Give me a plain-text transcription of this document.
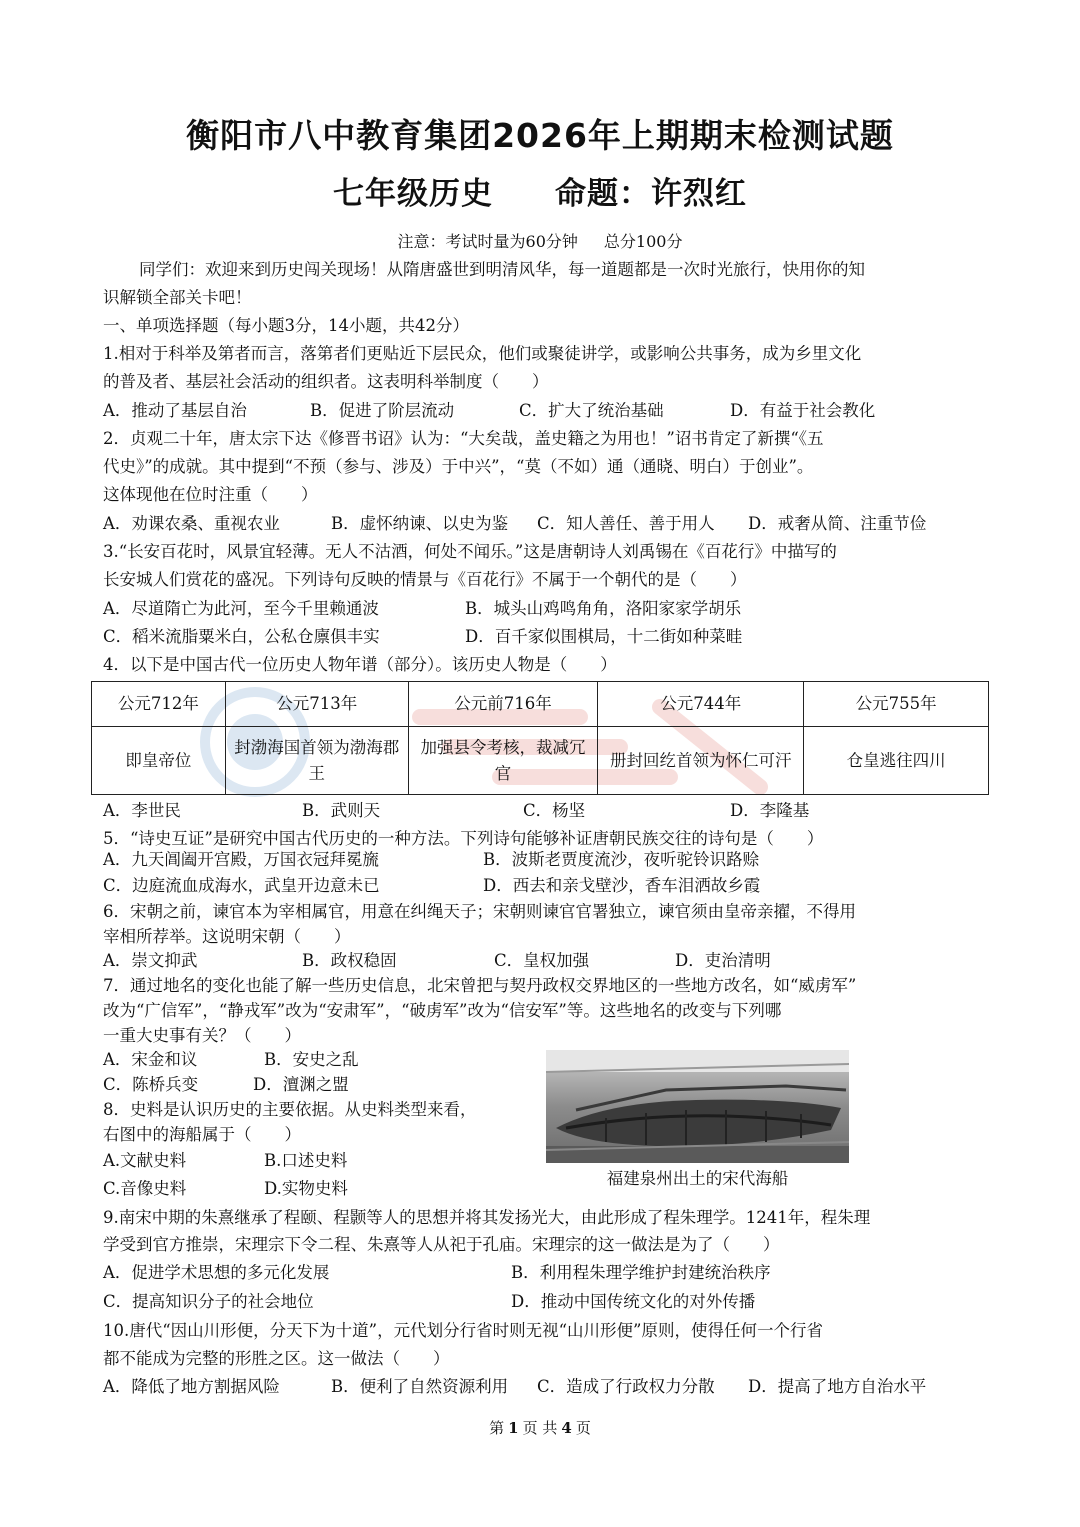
衡阳市八中教育集团2026年上期期末检测试题
七年级历史 命题：许烈红
注意：考试时量为60分钟 总分100分
同学们：欢迎来到历史闯关现场！从隋唐盛世到明清风华，每一道题都是一次时光旅行，快用你的知
识解锁全部关卡吧！
一、单项选择题（每小题3分，14小题，共42分）
1.相对于科举及第者而言，落第者们更贴近下层民众，他们或聚徒讲学，或影响公共事务，成为乡里文化
的普及者、基层社会活动的组织者。这表明科举制度（　　）
A．推动了基层自治	B．促进了阶层流动	C．扩大了统治基础	D．有益于社会教化
2．贞观二十年，唐太宗下达《修晋书诏》认为：“大矣哉，盖史籍之为用也！”诏书肯定了新撰“《五
代史》”的成就。其中提到“不预（参与、涉及）于中兴”，“莫（不如）通（通晓、明白）于创业”。
这体现他在位时注重（　　）
A．劝课农桑、重视农业	B．虚怀纳谏、以史为鉴 C．知人善任、善于用人 D．戒奢从简、注重节俭
3.“长安百花时，风景宜轻薄。无人不沽酒，何处不闻乐。”这是唐朝诗人刘禹锡在《百花行》中描写的
长安城人们赏花的盛况。下列诗句反映的情景与《百花行》不属于一个朝代的是（　　）
A．尽道隋亡为此河，至今千里赖通波	B．城头山鸡鸣角角，洛阳家家学胡乐
C．稻米流脂粟米白，公私仓廪俱丰实	D．百千家似围棋局，十二街如种菜畦
4．以下是中国古代一位历史人物年谱（部分）。该历史人物是（　　）
公元712年	公元713年	公元前716年	公元744年	公元755年
即皇帝位	封渤海国首领为渤海郡王	加强县令考核，裁减冗官	册封回纥首领为怀仁可汗	仓皇逃往四川
A．李世民	B．武则天	C．杨坚	D．李隆基
5．“诗史互证”是研究中国古代历史的一种方法。下列诗句能够补证唐朝民族交往的诗句是（　　）
A．九天阊阖开宫殿，万国衣冠拜冕旒	B．波斯老贾度流沙，夜听驼铃识路赊
C．边庭流血成海水，武皇开边意未已	D．西去和亲戈壁沙，香车泪洒故乡霞
6．宋朝之前，谏官本为宰相属官，用意在纠绳天子；宋朝则谏官官署独立，谏官须由皇帝亲擢，不得用
宰相所荐举。这说明宋朝（　　）
A．崇文抑武	B．政权稳固	C．皇权加强	D．吏治清明
7．通过地名的变化也能了解一些历史信息，北宋曾把与契丹政权交界地区的一些地方改名，如“威虏军”
改为“广信军”，“静戎军”改为“安肃军”，“破虏军”改为“信安军”等。这些地名的改变与下列哪
一重大史事有关？（　　）
A．宋金和议	B．安史之乱
C．陈桥兵变	D．澶渊之盟
8．史料是认识历史的主要依据。从史料类型来看，
右图中的海船属于（　　）
A.文献史料	B.口述史料
C.音像史料	D.实物史料
福建泉州出土的宋代海船
9.南宋中期的朱熹继承了程颐、程颢等人的思想并将其发扬光大，由此形成了程朱理学。1241年，程朱理
学受到官方推崇，宋理宗下令二程、朱熹等人从祀于孔庙。宋理宗的这一做法是为了（　　）
A．促进学术思想的多元化发展	B．利用程朱理学维护封建统治秩序
C．提高知识分子的社会地位	D．推动中国传统文化的对外传播
10.唐代“因山川形便，分天下为十道”，元代划分行省时则无视“山川形便”原则，使得任何一个行省
都不能成为完整的形胜之区。这一做法（　　）
A．降低了地方割据风险	B．便利了自然资源利用 C．造成了行政权力分散 D．提高了地方自治水平
第 1 页 共 4 页
